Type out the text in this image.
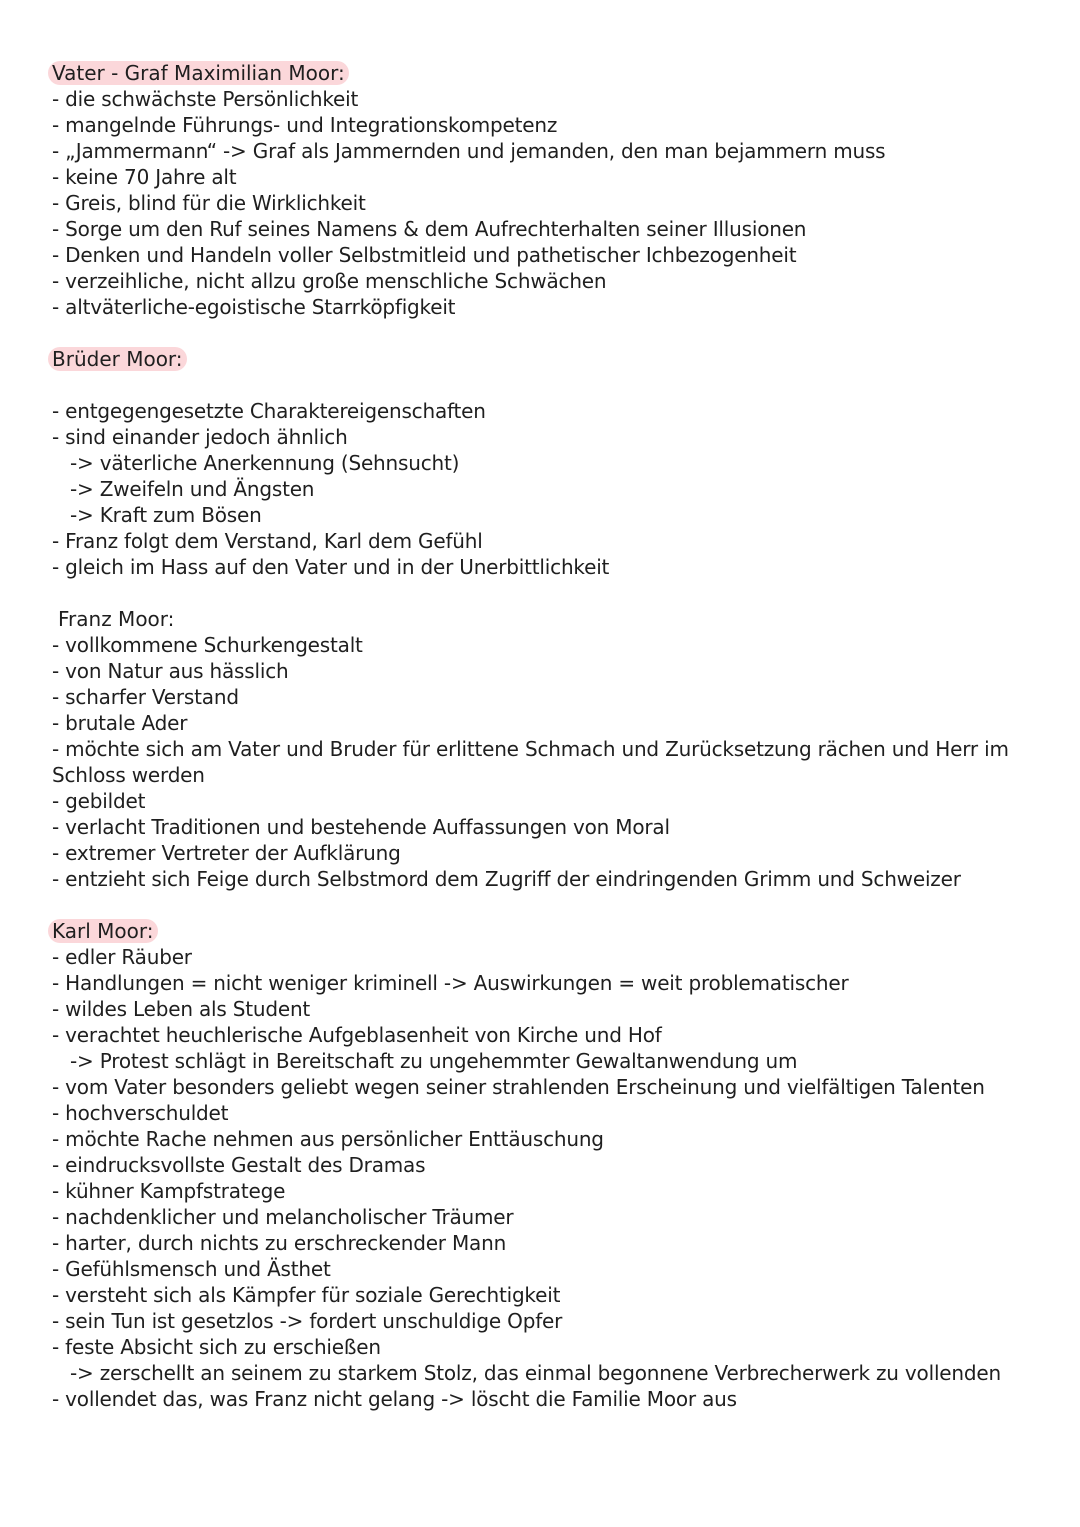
Vater - Graf Maximilian Moor:
- die schwächste Persönlichkeit
- mangelnde Führungs- und Integrationskompetenz
- „Jammermann“ -> Graf als Jammernden und jemanden, den man bejammern muss
- keine 70 Jahre alt
- Greis, blind für die Wirklichkeit
- Sorge um den Ruf seines Namens & dem Aufrechterhalten seiner Illusionen
- Denken und Handeln voller Selbstmitleid und pathetischer Ichbezogenheit
- verzeihliche, nicht allzu große menschliche Schwächen
- altväterliche-egoistische Starrköpfigkeit
Brüder Moor:
- entgegengesetzte Charaktereigenschaften
- sind einander jedoch ähnlich
-> väterliche Anerkennung (Sehnsucht)
-> Zweifeln und Ängsten
-> Kraft zum Bösen
- Franz folgt dem Verstand, Karl dem Gefühl
- gleich im Hass auf den Vater und in der Unerbittlichkeit
Franz Moor:
- vollkommene Schurkengestalt
- von Natur aus hässlich
- scharfer Verstand
- brutale Ader
- möchte sich am Vater und Bruder für erlittene Schmach und Zurücksetzung rächen und Herr im Schloss werden
- gebildet
- verlacht Traditionen und bestehende Auffassungen von Moral
- extremer Vertreter der Aufklärung
- entzieht sich Feige durch Selbstmord dem Zugriff der eindringenden Grimm und Schweizer
Karl Moor:
- edler Räuber
- Handlungen = nicht weniger kriminell -> Auswirkungen = weit problematischer
- wildes Leben als Student
- verachtet heuchlerische Aufgeblasenheit von Kirche und Hof
-> Protest schlägt in Bereitschaft zu ungehemmter Gewaltanwendung um
- vom Vater besonders geliebt wegen seiner strahlenden Erscheinung und vielfältigen Talenten
- hochverschuldet
- möchte Rache nehmen aus persönlicher Enttäuschung
- eindrucksvollste Gestalt des Dramas
- kühner Kampfstratege
- nachdenklicher und melancholischer Träumer
- harter, durch nichts zu erschreckender Mann
- Gefühlsmensch und Ästhet
- versteht sich als Kämpfer für soziale Gerechtigkeit
- sein Tun ist gesetzlos -> fordert unschuldige Opfer
- feste Absicht sich zu erschießen
-> zerschellt an seinem zu starkem Stolz, das einmal begonnene Verbrecherwerk zu vollenden
- vollendet das, was Franz nicht gelang -> löscht die Familie Moor aus
